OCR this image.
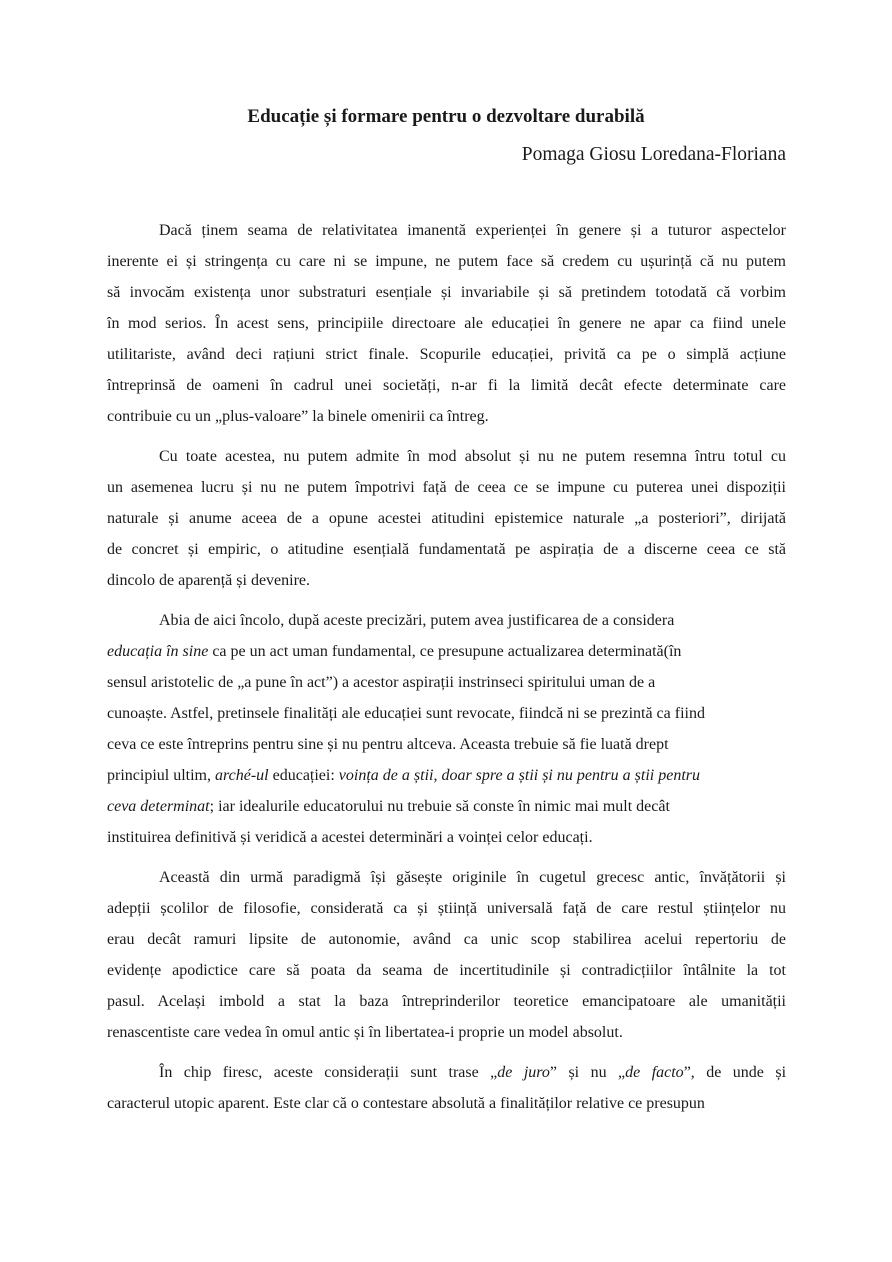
Educație și formare pentru o dezvoltare durabilă
Pomaga Giosu Loredana-Floriana
Dacă ținem seama de relativitatea imanentă experienței în genere și a tuturor aspectelor
inerente ei și stringența cu care ni se impune, ne putem face să credem cu ușurință că nu putem
să invocăm existența unor substraturi esențiale și invariabile și să pretindem totodată că vorbim
în mod serios. În acest sens, principiile directoare ale educației în genere ne apar ca fiind unele
utilitariste, având deci rațiuni strict finale. Scopurile educației, privită ca pe o simplă acțiune
întreprinsă de oameni în cadrul unei societăți, n-ar fi la limită decât efecte determinate care
contribuie cu un „plus-valoare” la binele omenirii ca întreg.
Cu toate acestea, nu putem admite în mod absolut și nu ne putem resemna întru totul cu
un asemenea lucru și nu ne putem împotrivi față de ceea ce se impune cu puterea unei dispoziții
naturale și anume aceea de a opune acestei atitudini epistemice naturale „a posteriori”, dirijată
de concret și empiric, o atitudine esențială fundamentată pe aspirația de a discerne ceea ce stă
dincolo de aparență și devenire.
Abia de aici încolo, după aceste precizări, putem avea justificarea de a considera
educația în sine ca pe un act uman fundamental, ce presupune actualizarea determinată(în
sensul aristotelic de „a pune în act”) a acestor aspirații instrinseci spiritului uman de a
cunoaște. Astfel, pretinsele finalități ale educației sunt revocate, fiindcă ni se prezintă ca fiind
ceva ce este întreprins pentru sine și nu pentru altceva. Aceasta trebuie să fie luată drept
principiul ultim, arché-ul educației: voința de a știi, doar spre a știi și nu pentru a știi pentru
ceva determinat; iar idealurile educatorului nu trebuie să conste în nimic mai mult decât
instituirea definitivă și veridică a acestei determinări a voinței celor educați.
Această din urmă paradigmă își găsește originile în cugetul grecesc antic, învățătorii și
adepții școlilor de filosofie, considerată ca și știință universală față de care restul științelor nu
erau decât ramuri lipsite de autonomie, având ca unic scop stabilirea acelui repertoriu de
evidențe apodictice care să poata da seama de incertitudinile și contradicțiilor întâlnite la tot
pasul. Același imbold a stat la baza întreprinderilor teoretice emancipatoare ale umanității
renascentiste care vedea în omul antic și în libertatea-i proprie un model absolut.
În chip firesc, aceste considerații sunt trase „de juro” și nu „de facto”, de unde și
caracterul utopic aparent. Este clar că o contestare absolută a finalităților relative ce presupun
